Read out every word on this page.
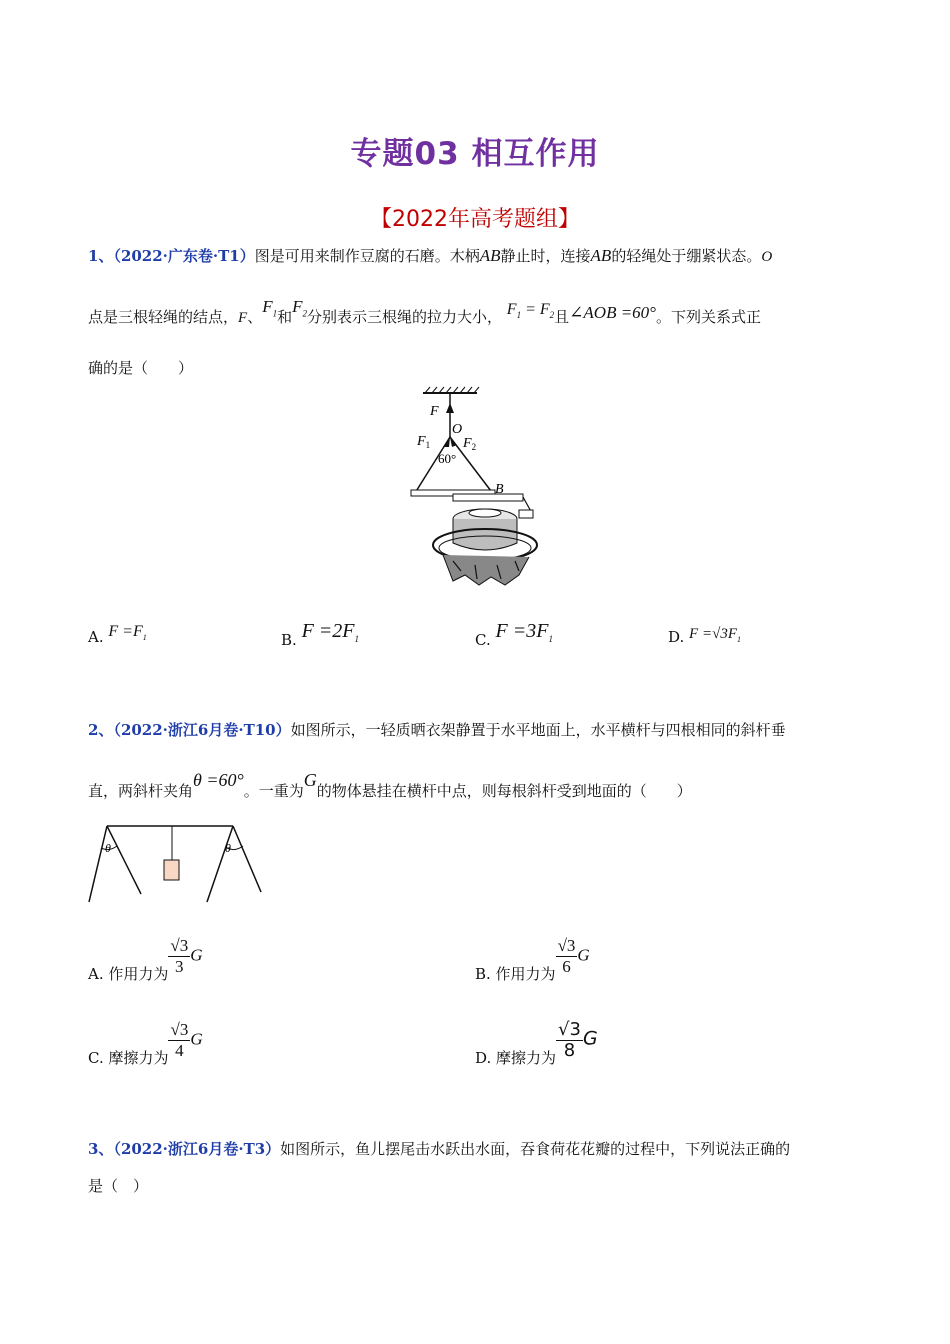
专题03 相互作用
【2022年高考题组】
1、（2022·广东卷·T1）图是可用来制作豆腐的石磨。木柄AB静止时，连接AB的轻绳处于绷紧状态。O
点是三根轻绳的结点，F、$F_1$和$F_2$分别表示三根绳的拉力大小， $F_1 = F_2$且∠AOB =60°。下列关系式正
确的是（　　）
F
O
$F_1$ $F_2$
60°
B
A. $F =F_1$	B. $F =2F_1$	C. $F =3F_1$	D. $F =√3F_1$
2、（2022·浙江6月卷·T10）如图所示，一轻质晒衣架静置于水平地面上，水平横杆与四根相同的斜杆垂
直，两斜杆夹角θ =60°。一重为G的物体悬挂在横杆中点，则每根斜杆受到地面的（　　）
θ	θ
A. 作用力为 $\frac{√3}{3}$ G
B. 作用力为 $\frac{√3}{6}$ G
C. 摩擦力为 $\frac{√3}{4}$ G
D. 摩擦力为 $\frac{√3}{8}$ G
3、（2022·浙江6月卷·T3）如图所示，鱼儿摆尾击水跃出水面，吞食荷花花瓣的过程中，下列说法正确的
是（　）
